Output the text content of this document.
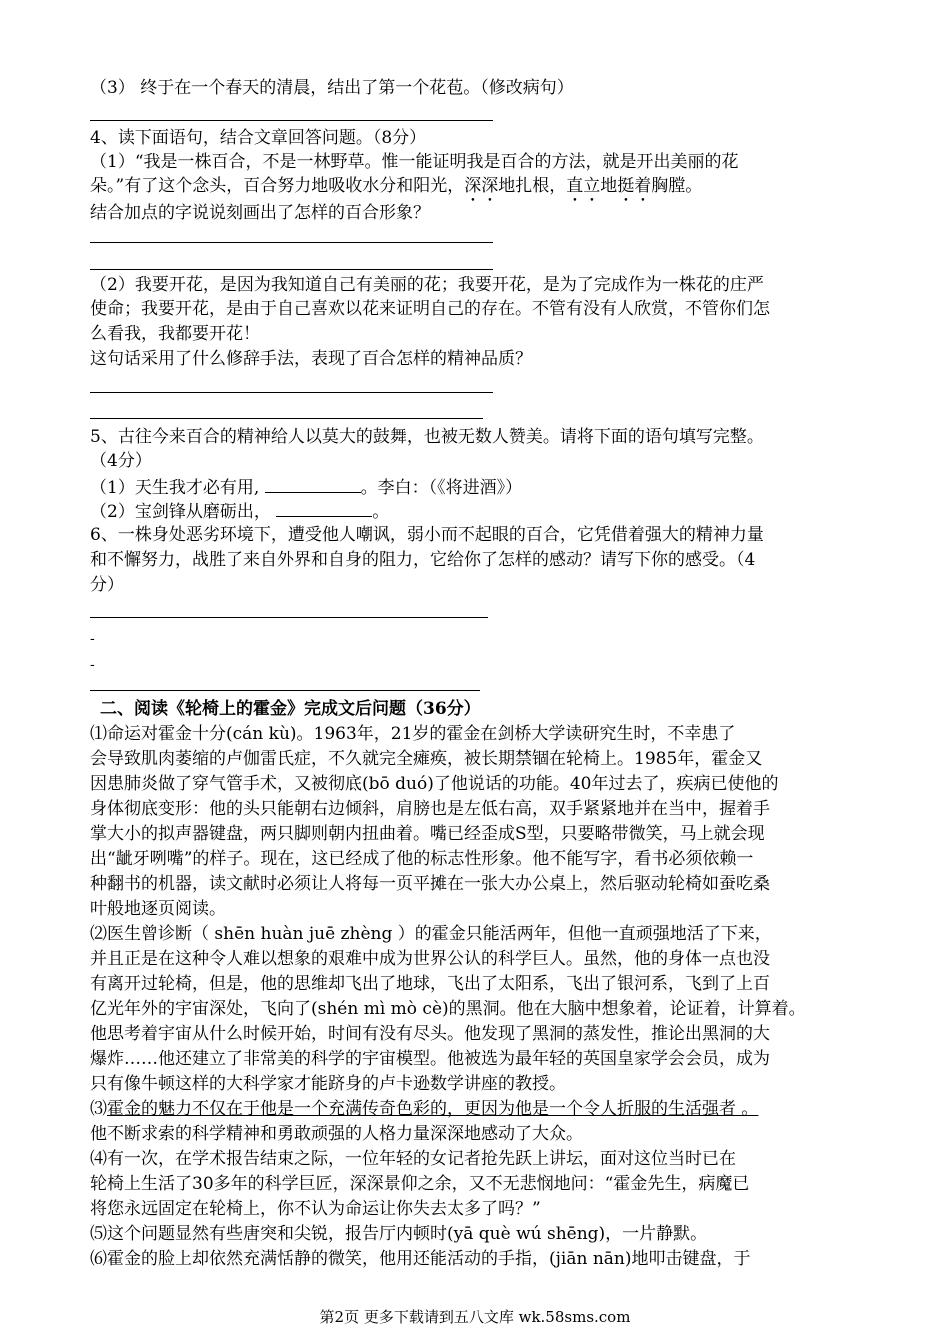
（3） 终于在一个春天的清晨，结出了第一个花苞。（修改病句）
4、读下面语句，结合文章回答问题。（8分）
（1）“我是一株百合，不是一林野草。惟一能证明我是百合的方法，就是开出美丽的花
朵。”有了这个念头，百合努力地吸收水分和阳光，深深地扎根，直立地挺着胸膛。
结合加点的字说说刻画出了怎样的百合形象？
（2）我要开花，是因为我知道自己有美丽的花；我要开花，是为了完成作为一株花的庄严
使命；我要开花，是由于自己喜欢以花来证明自己的存在。不管有没有人欣赏，不管你们怎
么看我，我都要开花！
这句话采用了什么修辞手法，表现了百合怎样的精神品质？
5、古往今来百合的精神给人以莫大的鼓舞，也被无数人赞美。请将下面的语句填写完整。
（4分）
（1）天生我才必有用,	。李白：（《将进酒》）
（2）宝剑锋从磨砺出，	。
6、一株身处恶劣环境下，遭受他人嘲讽，弱小而不起眼的百合，它凭借着强大的精神力量
和不懈努力，战胜了来自外界和自身的阻力，它给你了怎样的感动？请写下你的感受。（4
分）
-
-
二、阅读《轮椅上的霍金》完成文后问题（36分）
⑴命运对霍金十分(cán kù)。1963年，21岁的霍金在剑桥大学读研究生时，不幸患了
会导致肌肉萎缩的卢伽雷氏症，不久就完全瘫痪，被长期禁锢在轮椅上。1985年，霍金又
因患肺炎做了穿气管手术，又被彻底(bō duó)了他说话的功能。40年过去了，疾病已使他的
身体彻底变形：他的头只能朝右边倾斜，肩膀也是左低右高，双手紧紧地并在当中，握着手
掌大小的拟声器键盘，两只脚则朝内扭曲着。嘴已经歪成S型，只要略带微笑，马上就会现
出“龇牙咧嘴”的样子。现在，这已经成了他的标志性形象。他不能写字，看书必须依赖一
种翻书的机器，读文献时必须让人将每一页平摊在一张大办公桌上，然后驱动轮椅如蚕吃桑
叶般地逐页阅读。
⑵医生曾诊断（ shēn huàn juē zhèng ）的霍金只能活两年，但他一直顽强地活了下来，
并且正是在这种令人难以想象的艰难中成为世界公认的科学巨人。虽然，他的身体一点也没
有离开过轮椅，但是，他的思维却飞出了地球，飞出了太阳系，飞出了银河系，飞到了上百
亿光年外的宇宙深处，飞向了(shén mì mò cè)的黑洞。他在大脑中想象着，论证着，计算着。
他思考着宇宙从什么时候开始，时间有没有尽头。他发现了黑洞的蒸发性，推论出黑洞的大
爆炸……他还建立了非常美的科学的宇宙模型。他被选为最年轻的英国皇家学会会员，成为
只有像牛顿这样的大科学家才能跻身的卢卡逊数学讲座的教授。
⑶霍金的魅力不仅在于他是一个充满传奇色彩的，更因为他是一个令人折服的生活强者 。
他不断求索的科学精神和勇敢顽强的人格力量深深地感动了大众。
⑷有一次，在学术报告结束之际，一位年轻的女记者抢先跃上讲坛，面对这位当时已在
轮椅上生活了30多年的科学巨匠，深深景仰之余，又不无悲悯地问：“霍金先生，病魔已
将您永远固定在轮椅上，你不认为命运让你失去太多了吗？”
⑸这个问题显然有些唐突和尖锐，报告厅内顿时(yā què wú shēng)，一片静默。
⑹霍金的脸上却依然充满恬静的微笑，他用还能活动的手指，(jiān nān)地叩击键盘，于
第2页 更多下载请到五八文库 wk.58sms.com
